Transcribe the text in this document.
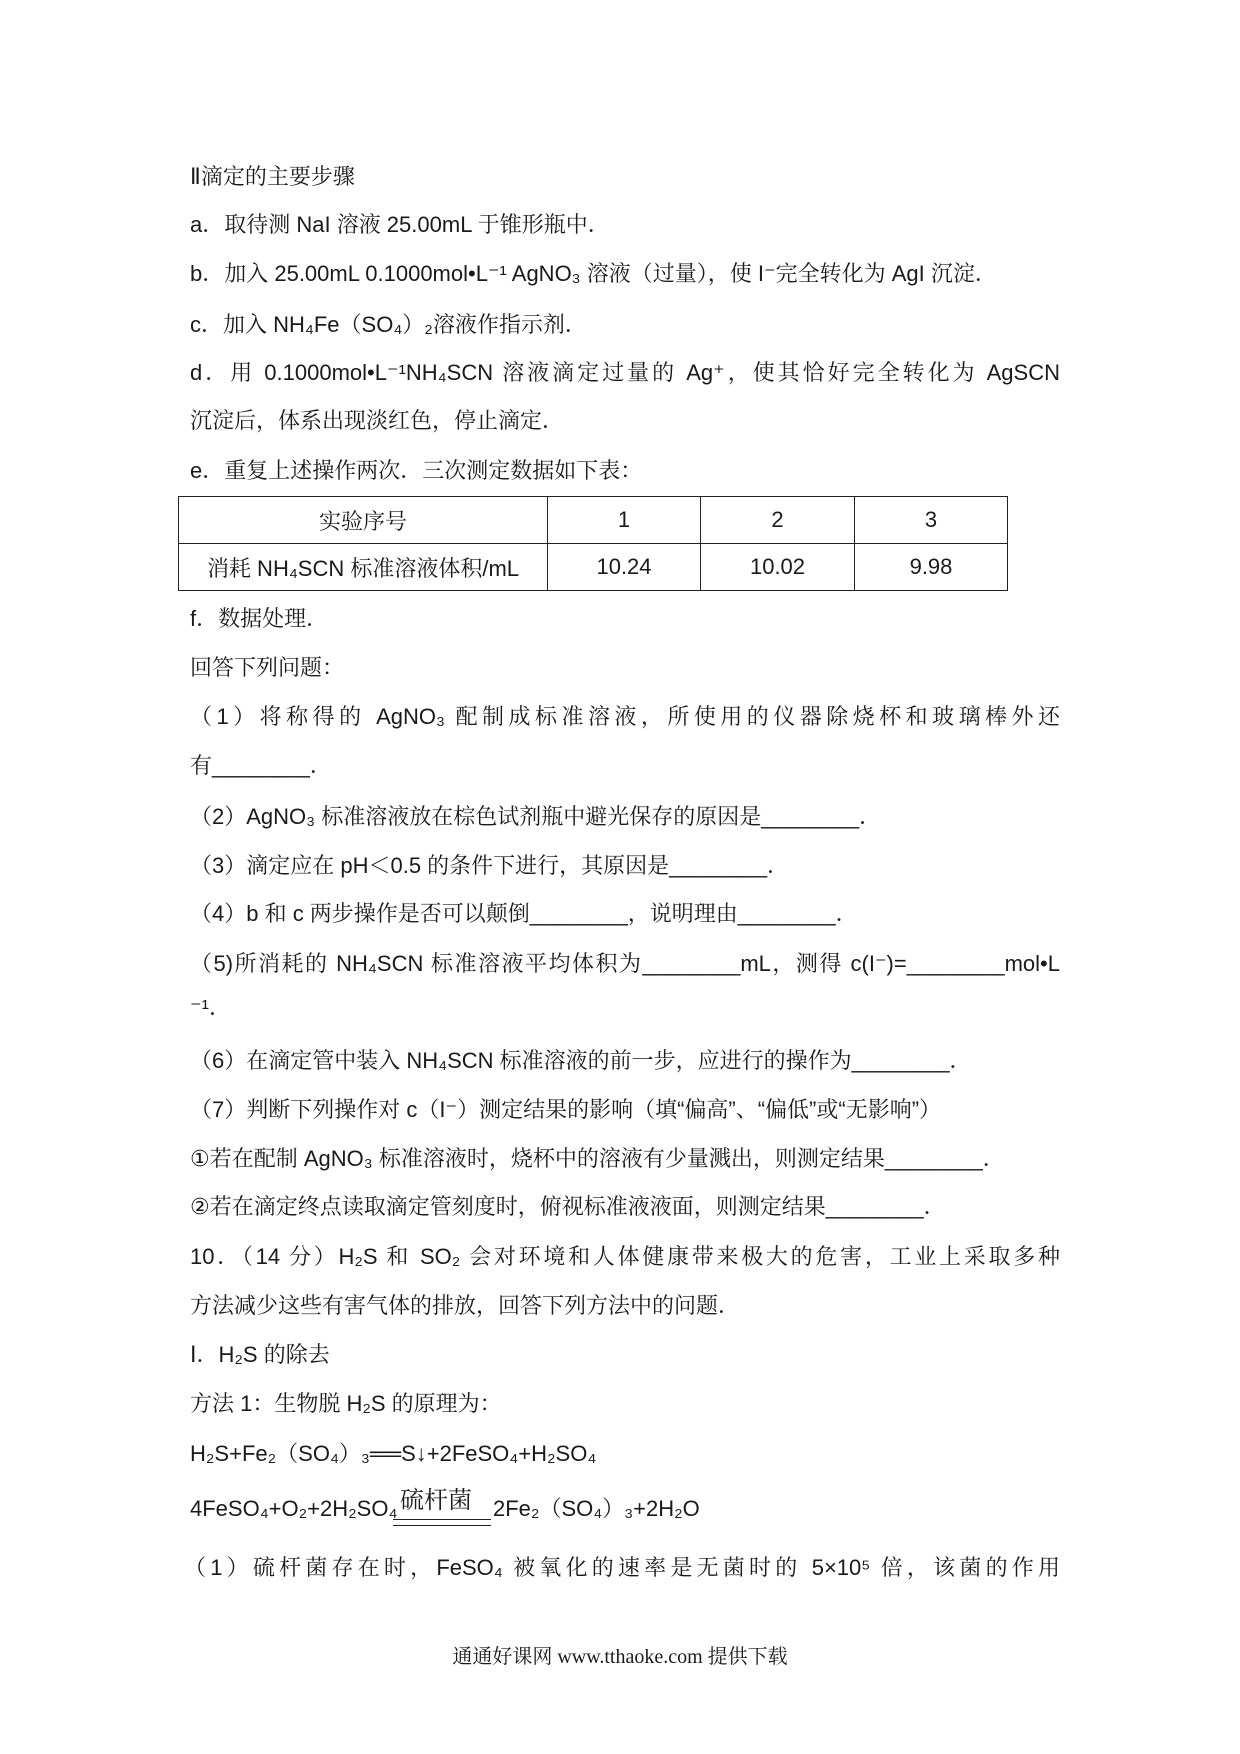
Ⅱ滴定的主要步骤
a．取待测 NaI 溶液 25.00mL 于锥形瓶中．
b．加入 25.00mL 0.1000mol•L⁻¹ AgNO₃ 溶液（过量），使 I⁻完全转化为 AgI 沉淀．
c．加入 NH₄Fe（SO₄）₂溶液作指示剂．
d．用 0.1000mol•L⁻¹NH₄SCN 溶液滴定过量的 Ag⁺，使其恰好完全转化为 AgSCN
沉淀后，体系出现淡红色，停止滴定．
e．重复上述操作两次．三次测定数据如下表：
实验序号	1	2	3
消耗 NH₄SCN 标准溶液体积/mL	10.24	10.02	9.98
f．数据处理．
回答下列问题：
（1）将称得的 AgNO₃ 配制成标准溶液，所使用的仪器除烧杯和玻璃棒外还
有________．
（2）AgNO₃ 标准溶液放在棕色试剂瓶中避光保存的原因是________．
（3）滴定应在 pH＜0.5 的条件下进行，其原因是________．
（4）b 和 c 两步操作是否可以颠倒________，说明理由________．
（5)所消耗的 NH₄SCN 标准溶液平均体积为________mL，测得 c(I⁻)=________mol•L
⁻¹．
（6）在滴定管中装入 NH₄SCN 标准溶液的前一步，应进行的操作为________．
（7）判断下列操作对 c（I⁻）测定结果的影响（填“偏高”、“偏低”或“无影响”）
①若在配制 AgNO₃ 标准溶液时，烧杯中的溶液有少量溅出，则测定结果________．
②若在滴定终点读取滴定管刻度时，俯视标准液液面，则测定结果________．
10．（14 分）H₂S 和 SO₂ 会对环境和人体健康带来极大的危害，工业上采取多种
方法减少这些有害气体的排放，回答下列方法中的问题．
Ⅰ．H₂S 的除去
方法 1：生物脱 H₂S 的原理为：
H₂S+Fe₂（SO₄）₃══S↓+2FeSO₄+H₂SO₄
4FeSO₄+O₂+2H₂SO₄ 硫杆菌 2Fe₂（SO₄）₃+2H₂O
（1）硫杆菌存在时，FeSO₄ 被氧化的速率是无菌时的 5×10⁵ 倍，该菌的作用
通通好课网 www.tthaoke.com 提供下载
